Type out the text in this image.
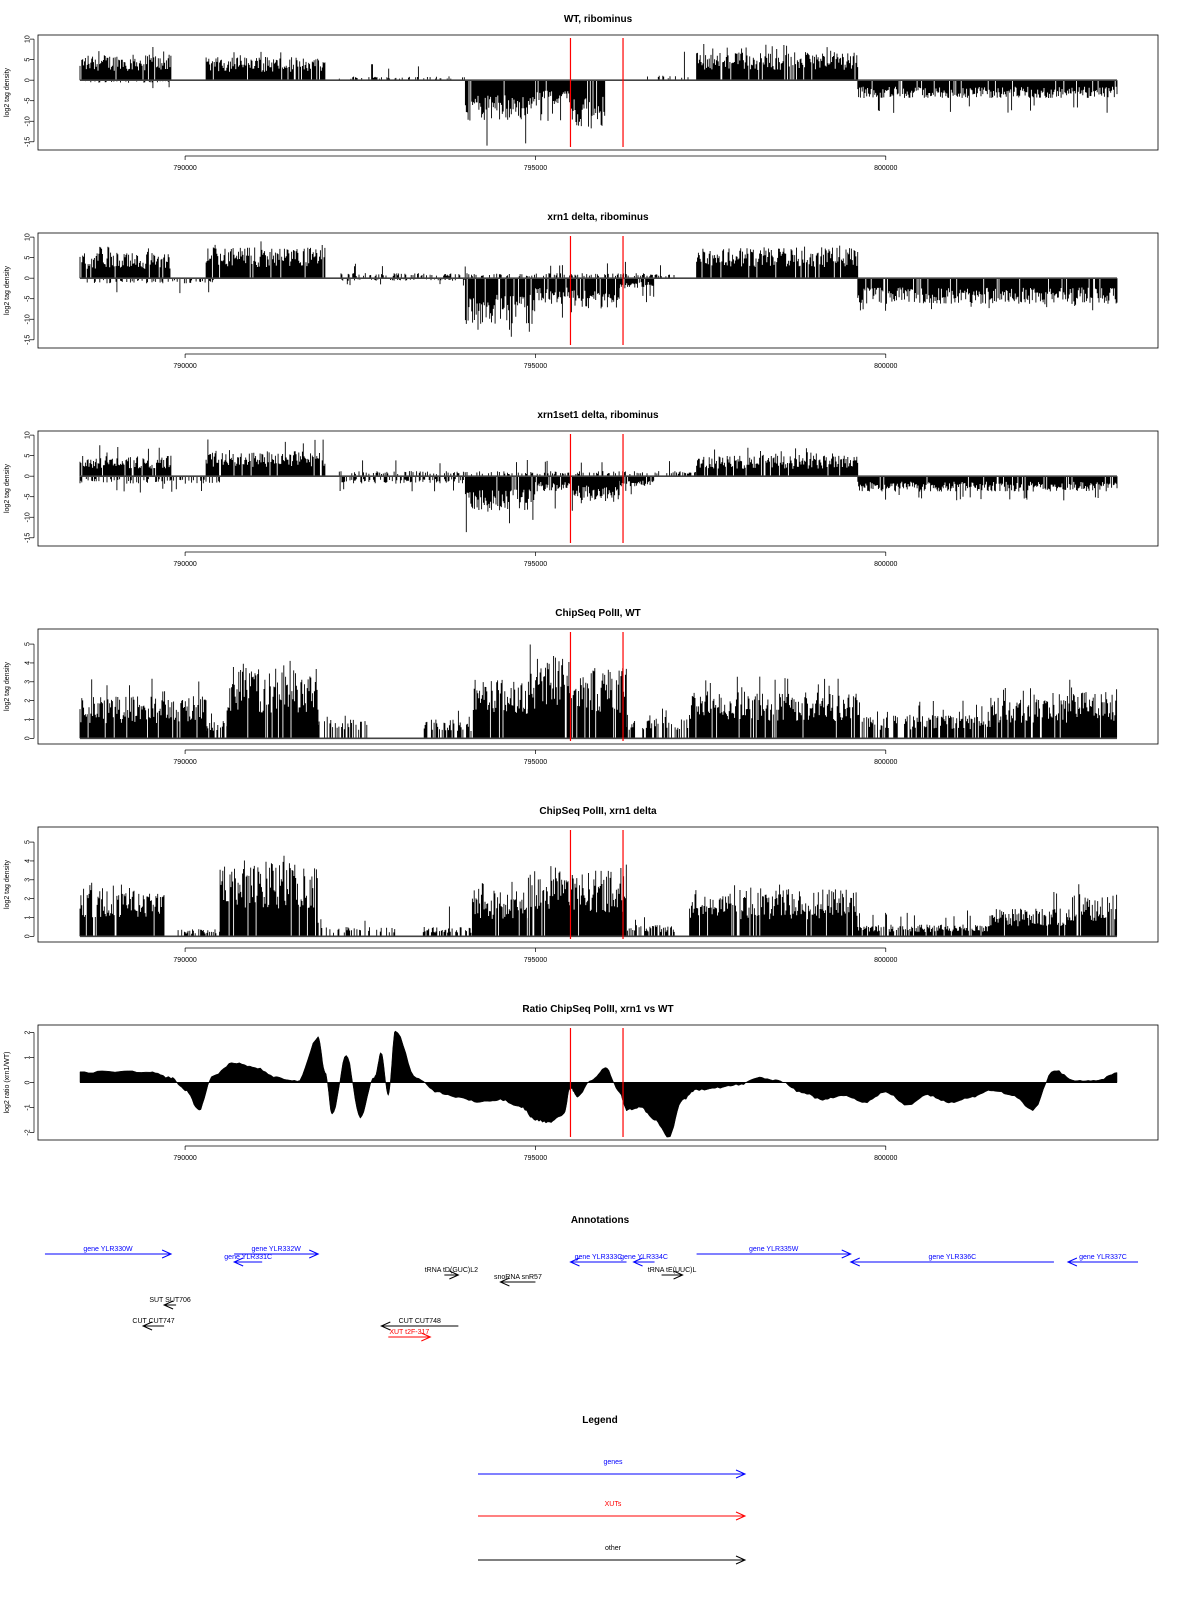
WT, ribominus
10
5
0
-5
-10
-15
log2 tag density
790000	795000	800000
xrn1 delta, ribominus
10
5
0
-5
-10
-15
log2 tag density
790000	795000	800000
xrn1set1 delta, ribominus
10
5
0
-5
-10
-15
log2 tag density
790000	795000	800000
ChipSeq PolII, WT
0
1
2
3
4
5
log2 tag density
790000	795000	800000
ChipSeq PolII, xrn1 delta
0
1
2
3
4
5
log2 tag density
790000	795000	800000
Ratio ChipSeq PolII, xrn1 vs WT
2
1
0
-1
-2
log2 ratio (xrn1/WT)
790000	795000	800000
Annotations
gene YLR330W	gene YLR332W
gene YLR331C	gene YLR333C
gene YLR334C
gene YLR335W
gene YLR336C	gene YLR337C
tRNA tD(GUC)L2	tRNA tE(UUC)L
snoRNA snR57
SUT SUT706
CUT CUT747	CUT CUT748
XUT t2F-317
Legend
genes
XUTs
other
